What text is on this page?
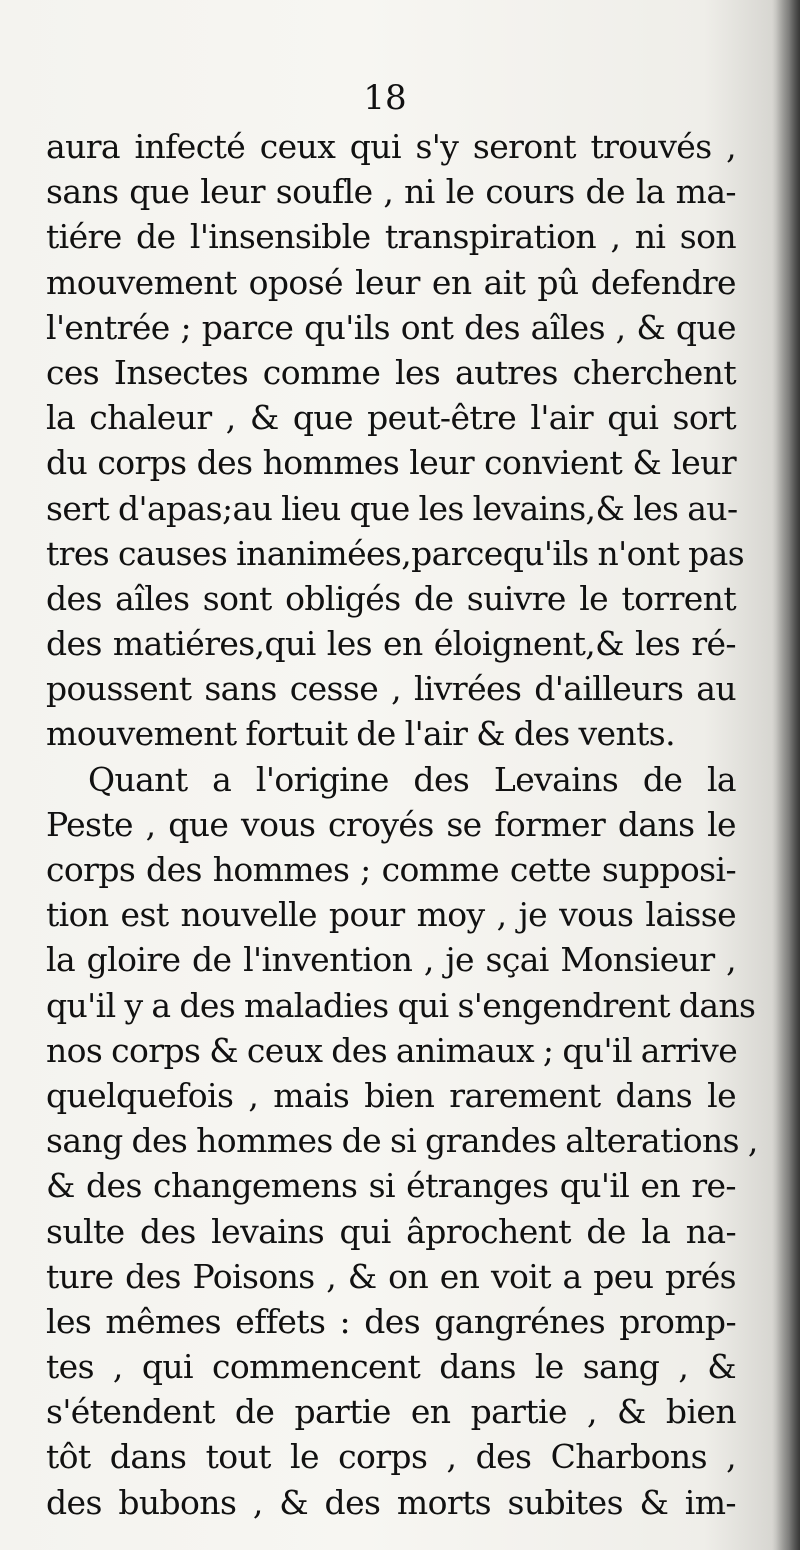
18
aura infecté ceux qui s'y seront trouvés ,
sans que leur soufle , ni le cours de la ma-
tiére de l'insensible transpiration , ni son
mouvement oposé leur en ait pû defendre
l'entrée ; parce qu'ils ont des aîles , & que
ces Insectes comme les autres cherchent
la chaleur , & que peut-être l'air qui sort
du corps des hommes leur convient & leur
sert d'apas;au lieu que les levains,& les au-
tres causes inanimées,parcequ'ils n'ont pas
des aîles sont obligés de suivre le torrent
des matiéres,qui les en éloignent,& les ré-
poussent sans cesse , livrées d'ailleurs au
mouvement fortuit de l'air & des vents.
Quant a l'origine des Levains de la
Peste , que vous croyés se former dans le
corps des hommes ; comme cette supposi-
tion est nouvelle pour moy , je vous laisse
la gloire de l'invention , je sçai Monsieur ,
qu'il y a des maladies qui s'engendrent dans
nos corps & ceux des animaux ; qu'il arrive
quelquefois , mais bien rarement dans le
sang des hommes de si grandes alterations ,
& des changemens si étranges qu'il en re-
sulte des levains qui âprochent de la na-
ture des Poisons , & on en voit a peu prés
les mêmes effets : des gangrénes promp-
tes , qui commencent dans le sang , &
s'étendent de partie en partie , & bien
tôt dans tout le corps , des Charbons ,
des bubons , & des morts subites & im-
